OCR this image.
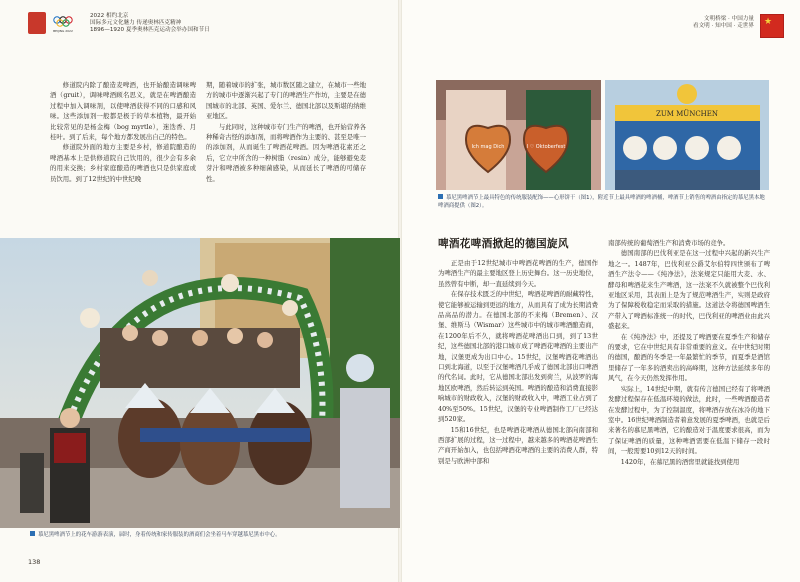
BEIJING 2022
2022 相约北京
国际多元文化魅力 传递奥林匹克精神
1896—1920 夏季奥林匹克运动会举办国和节日
文明桥梁 · 中国力量
看文明 · 知中国 · 走世界 ★

修道院内除了酿造麦啤酒，也开始酿造调味啤酒（gruit），调味啤酒顾名思义，就是在啤酒酿造过程中加入调味剂，以使啤酒获得不同的口感和风味。这些添加剂一般都是极于的草本植物，最开始比较常见的是杨金梅（bog myrtle），迷迭香、月桂叶。到了后来，每个地方都发展出自己的特色。

修道院外面的地方主要是乡村，修道院酿造的啤酒基本上是供修道院自己饮用的，很少会有多余的用来交换；乡村家庭酿造的啤酒也只是供家庭或员饮用。到了12世纪的中世纪晚

期，随着城市的扩张，城市数区随之建立，在城市一些地方的城市中逐渐兴起了专门的啤酒生产作坊，主要是在德国城市的北部、英国、爱尔兰、德国北部以及斯堪的纳维亚地区。

与此同时，这种城市专门生产的啤酒，也开始营养各种稀奇古怪的添加剂，而将啤酒作为主要的、甚至是唯一的添加剂，从而诞生了啤酒花啤酒。因为啤酒花素还之后，它立中所含的一种树脂（resin）成分，能够避免麦芽汁和啤酒被多种细菌感染，从而延长了啤酒的可储存性。

慕尼黑啤酒节上的花车游游表演，届时，身着传统和家传服装的酒商们会坐着马车穿越慕尼黑市中心。
138
Ich mag Dich	I ♡ Oktoberfest
ZUM MÜNCHEN
慕尼黑啤酒节上最具特色的传统服装配饰——心形饼干（图1），附近节上最具啤酒的啤酒桶，啤酒节上销售的啤酒由指定的慕尼黑本地啤酒商提供（图2）。
啤酒花啤酒掀起的德国旋风

正是由于12世纪城市中啤酒花啤酒的生产，德国作为啤酒生产的最主要地区登上历史舞台。这一历史地位，虽然曾有中断，却一直延续到今天。

在保存技术匮乏的中世纪，啤酒花啤酒的耐藏特性，使它能够被运输到更远的地方，从而具有了成为长期消费品高品的潜力。在德国北部的不来梅（Bremen）、汉堡、维斯马（Wismar）这些城市中的城市啤酒酿造商，在1200年后不久，就将啤酒花啤酒出口到，到了13世纪，这些德国北部的港口城市成了啤酒花啤酒的主要出产地，汉堡更成为出口中心。15世纪，汉堡啤酒花啤酒出口到北海道，以至于汉堡啤酒几乎成了德国北部出口啤酒的代名词。此时，它从德国北部出发到荷兰，从波罗的海地区欧啤酒，然后转运到英国。啤酒的酿造和消费直接影响城市的财政收入，汉堡的财政收入中，啤酒工业占到了40%至50%。15世纪，汉堡的专业啤酒制作工厂已经达到520家。

15和16世纪，也是啤酒花啤酒从德国北部向南部和西部扩展的过程，这一过程中，越来越多的啤酒花啤酒生产商开始加入，也包括啤酒花啤酒的主要的消费人群，特别是与欧洲中部和

南部传统的葡萄酒生产和消费市场的竞争。

德国南部的巴伐利亚是在这一过程中兴起的新兴生产地之一。1487年，巴伐利亚公爵艾尔伯特四世颁布了啤酒生产法令——《纯净法》，法案规定只能用大麦、水、酵母和啤酒花来生产啤酒，这一法案不久就被整个巴伐利亚地区采用，其表面上是为了规范啤酒生产，实则是政府为了保障税收稳定而采取的措施。这道法令将德国啤酒生产带入了啤酒标准统一的时代，巴伐利亚的啤酒业由此兴盛起来。

在《纯净法》中，还提及了啤酒要在夏季生产和储存的要求，它在中世纪具有非常重要的意义。在中世纪时期的德国，酿酒的冬季是一年最繁忙的季节，而夏季是酒馆里储存了一年多的酒卖出的高峰期，这种方法延续多年的风气，在今天仍然发挥作用。

实际上，14世纪中期，就有传言德国已经有了将啤酒发酵过程保存在低温环境的做法，此时，一些啤酒酿造者在发酵过程中，为了控制温度，将啤酒存放在冰冷的地下室中。16世纪啤酒制造者着意发展的夏季啤酒，也就是后来著名的慕尼黑啤酒，它的酿造对于温度要求很高，而为了保证啤酒的质量，这种啤酒需要在低温下储存一段时间，一般需要10到12天的时间。

1420年，在慕尼黑的酒窖里就能找到使用
